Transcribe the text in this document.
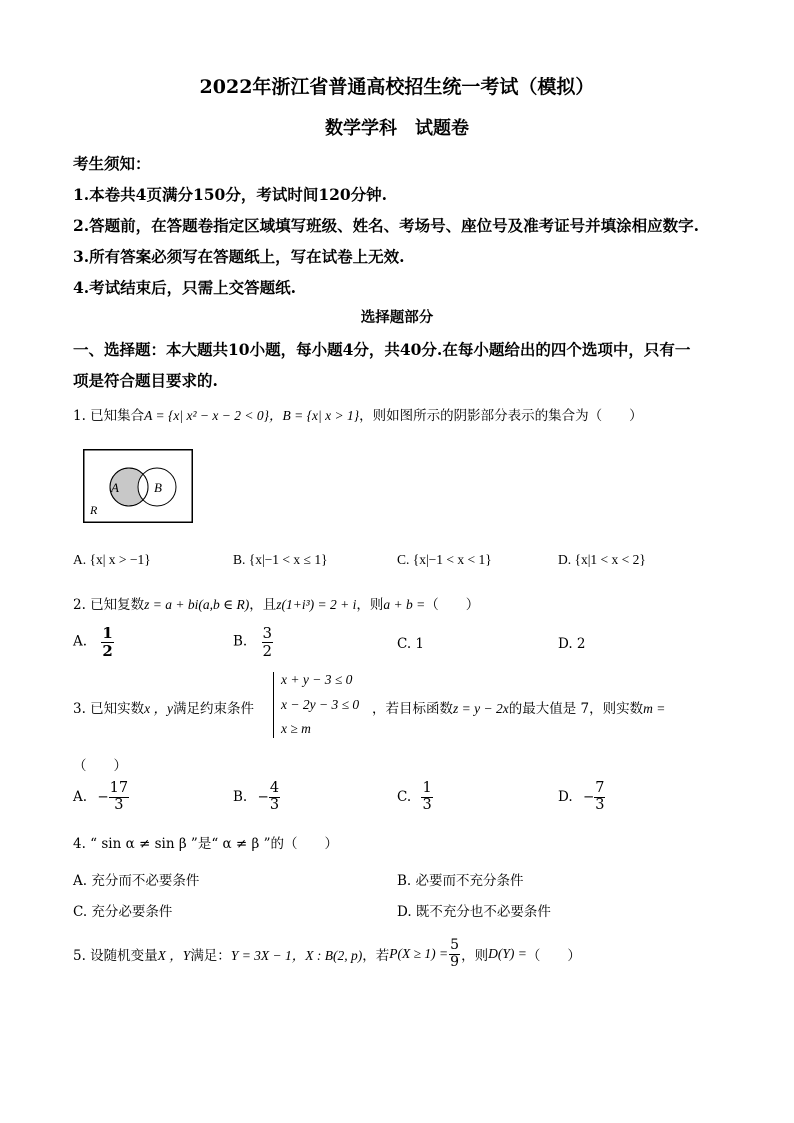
2022年浙江省普通高校招生统一考试（模拟）
数学学科　试题卷
考生须知：
1.本卷共4页满分150分，考试时间120分钟.
2.答题前，在答题卷指定区域填写班级、姓名、考场号、座位号及准考证号并填涂相应数字.
3.所有答案必须写在答题纸上，写在试卷上无效.
4.考试结束后，只需上交答题纸.
选择题部分
一、选择题：本大题共10小题，每小题4分，共40分.在每小题给出的四个选项中，只有一
项是符合题目要求的.
1. 已知集合A = {x| x² − x − 2 < 0}，B = {x| x > 1}，则如图所示的阴影部分表示的集合为（　　）
A	B
R
A. {x| x > −1}	B. {x|−1 < x ≤ 1}	C. {x|−1 < x < 1}	D. {x|1 < x < 2}
2. 已知复数z = a + bi(a,b ∈ R)，且z(1+i³) = 2 + i，则a + b =（　　）
A. $\frac{1}{2}$	B. $\frac{3}{2}$	C. 1	D. 2
3. 已知实数x ，y满足约束条件
x + y − 3 ≤ 0
x − 2y − 3 ≤ 0
x ≥ m
，若目标函数z = y − 2x的最大值是 7，则实数m =
（　　）
A. − $\frac{17}{3}$	B. − $\frac{4}{3}$	C. $\frac{1}{3}$	D. − $\frac{7}{3}$
4. “ sin α ≠ sin β ”是“ α ≠ β ”的（　　）
A. 充分而不必要条件	B. 必要而不充分条件
C. 充分必要条件	D. 既不充分也不必要条件
5. 设随机变量 X ，Y 满足： Y = 3X − 1，X : B(2, p) ，若 $P(X \ge 1) = \frac{5}{9}$ ，则 D(Y) = （　　）
